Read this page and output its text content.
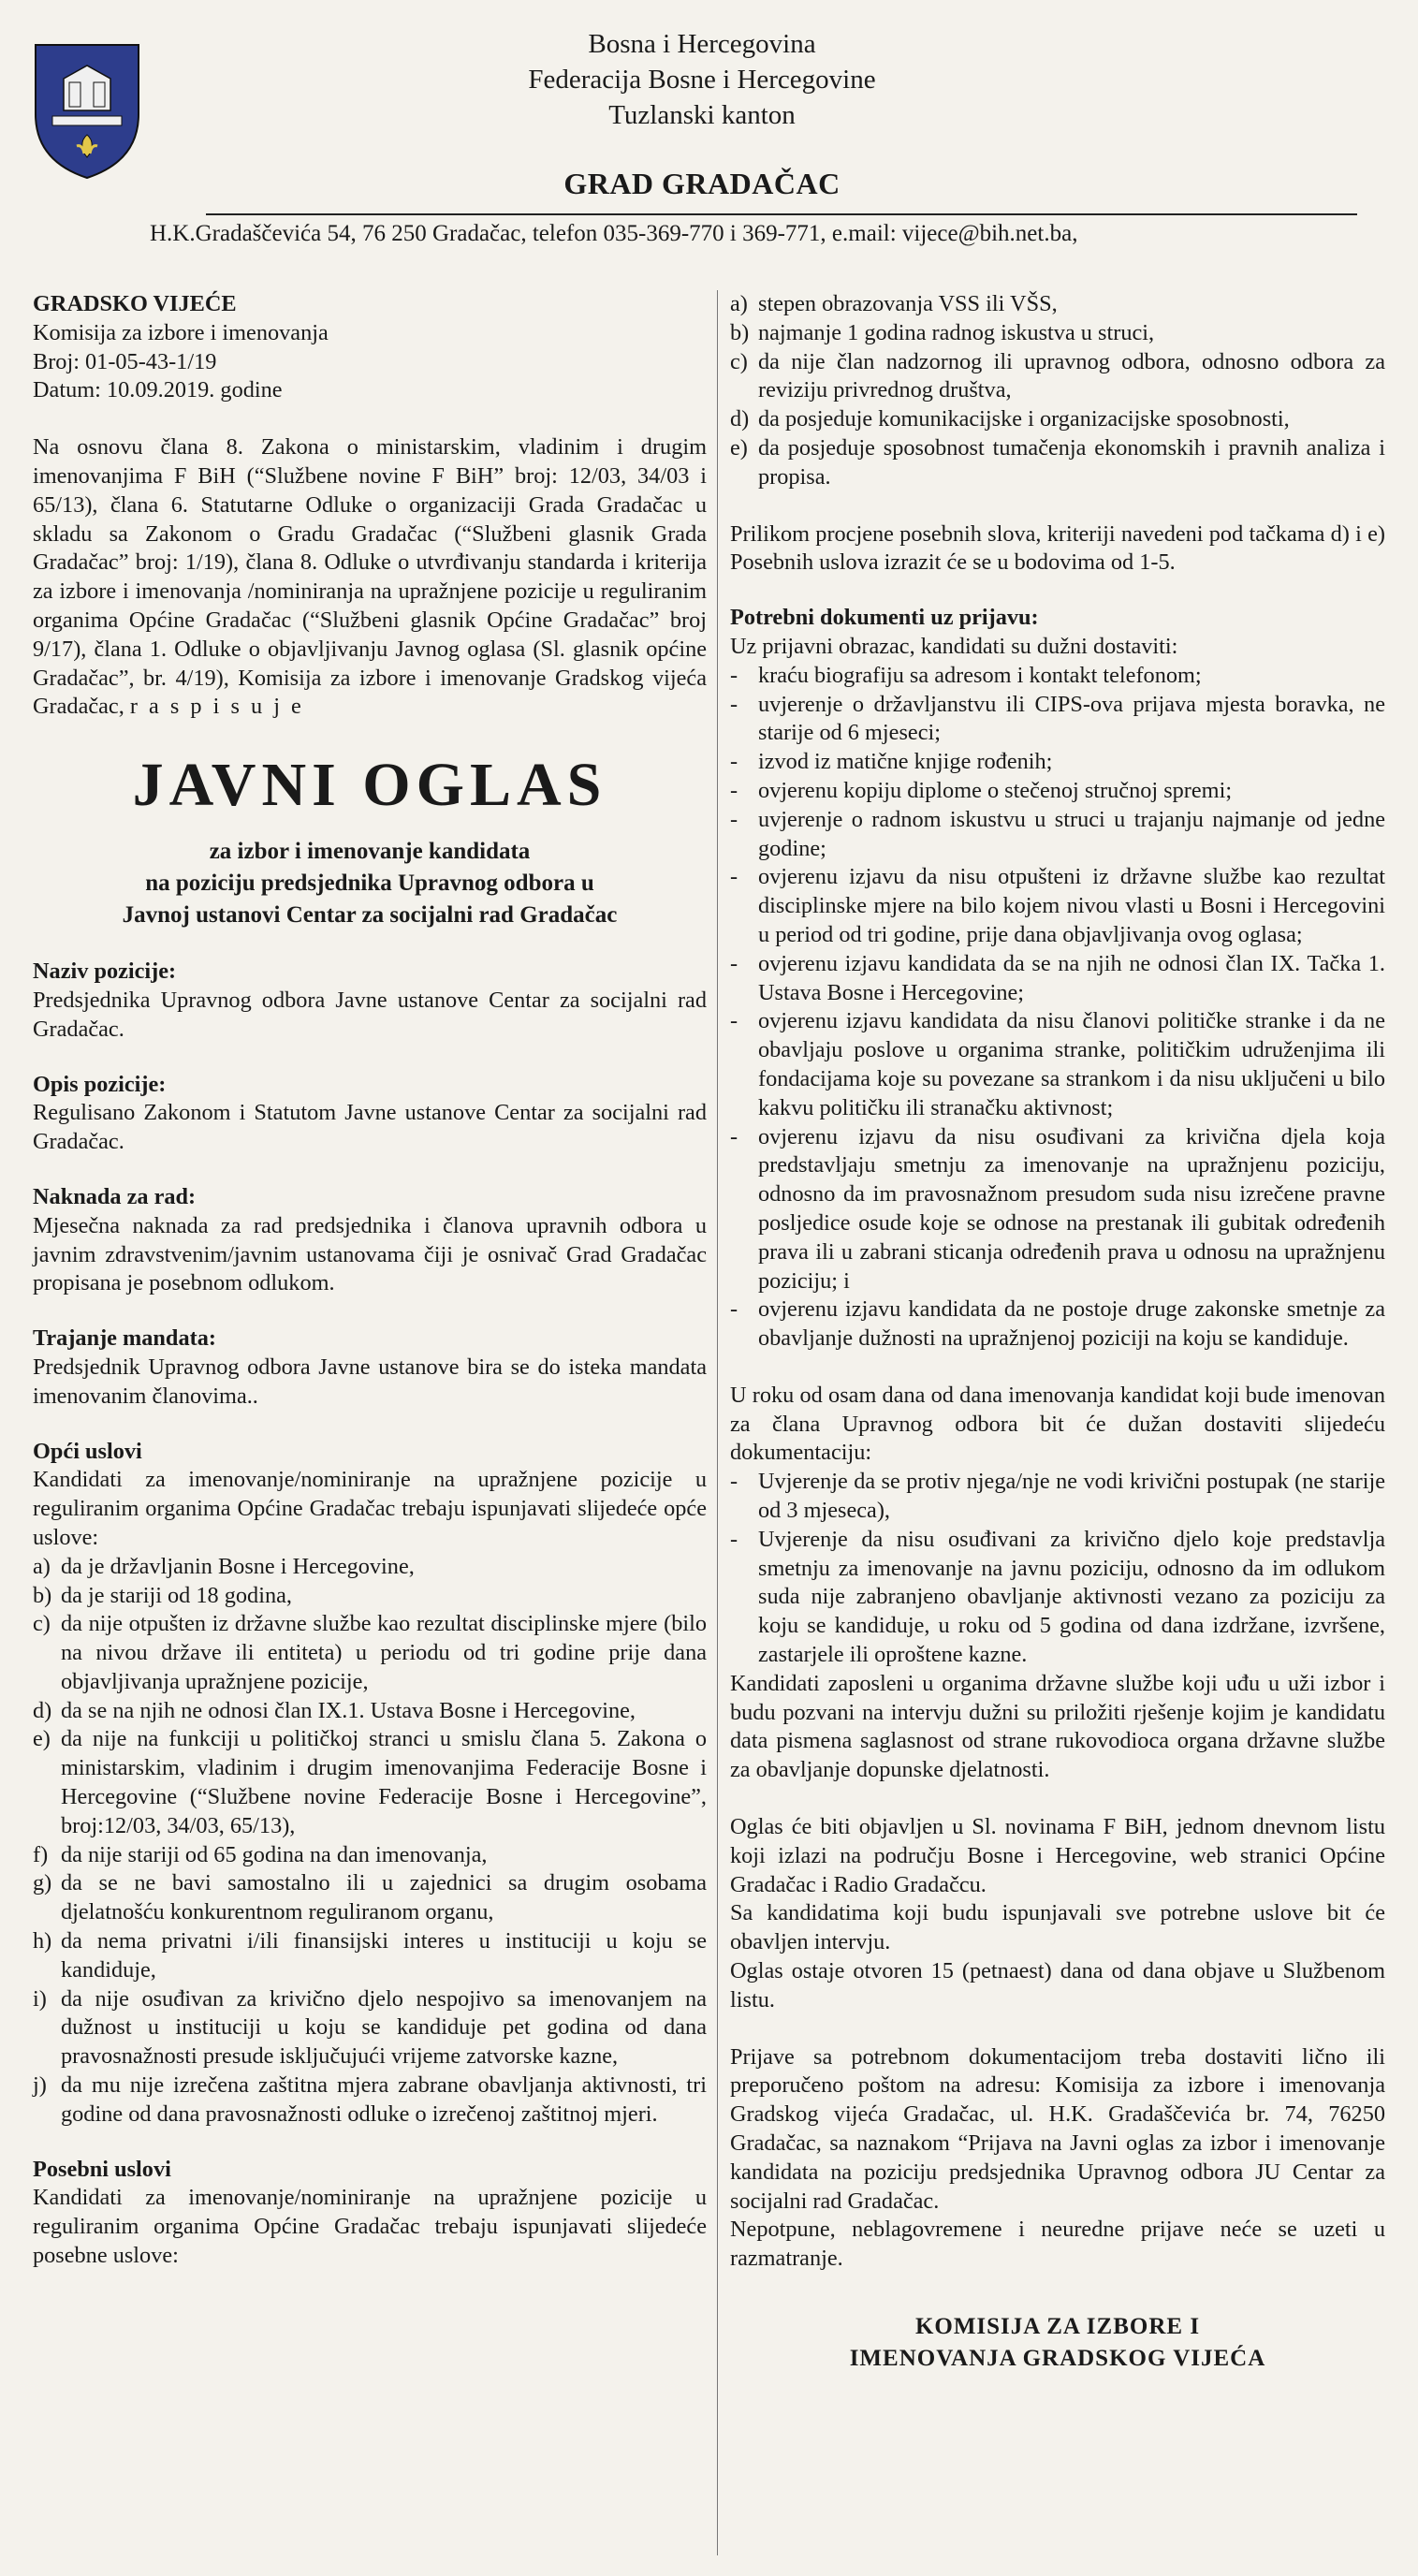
Bosna i Hercegovina
Federacija Bosne i Hercegovine
Tuzlanski kanton
GRAD GRADAČAC
H.K.Gradaščevića 54, 76 250 Gradačac, telefon 035-369-770 i 369-771, e.mail: vijece@bih.net.ba,

GRADSKO VIJEĆE

Komisija za izbore i imenovanja

Broj: 01-05-43-1/19

Datum: 10.09.2019. godine

Na osnovu člana 8. Zakona o ministarskim, vladinim i drugim imenovanjima F BiH (“Službene novine F BiH” broj: 12/03, 34/03 i 65/13), člana 6. Statutarne Odluke o organizaciji Grada Gradačac u skladu sa Zakonom o Gradu Gradačac (“Službeni glasnik Grada Gradačac” broj: 1/19), člana 8. Odluke o utvrđivanju standarda i kriterija za izbore i imenovanja /nominiranja na upražnjene pozicije u reguliranim organima Općine Gradačac (“Službeni glasnik Općine Gradačac” broj 9/17), člana 1. Odluke o objavljivanju Javnog oglasa (Sl. glasnik općine Gradačac”, br. 4/19), Komisija za izbore i imenovanje Gradskog vijeća Gradačac, r a s p i s u j e

JAVNI OGLAS
za izbor i imenovanje kandidata
na poziciju predsjednika Upravnog odbora u
Javnoj ustanovi Centar za socijalni rad Gradačac

Naziv pozicije:

Predsjednika Upravnog odbora Javne ustanove Centar za socijalni rad Gradačac.

Opis pozicije:

Regulisano Zakonom i Statutom Javne ustanove Centar za socijalni rad Gradačac.

Naknada za rad:

Mjesečna naknada za rad predsjednika i članova upravnih odbora u javnim zdravstvenim/javnim ustanovama čiji je osnivač Grad Gradačac propisana je posebnom odlukom.

Trajanje mandata:

Predsjednik Upravnog odbora Javne ustanove bira se do isteka mandata imenovanim članovima..

Opći uslovi

Kandidati za imenovanje/nominiranje na upražnjene pozicije u reguliranim organima Općine Gradačac trebaju ispunjavati slijedeće opće uslove:

a) da je državljanin Bosne i Hercegovine,
b) da je stariji od 18 godina,
c) da nije otpušten iz državne službe kao rezultat disciplinske mjere (bilo na nivou države ili entiteta) u periodu od tri godine prije dana objavljivanja upražnjene pozicije,
d) da se na njih ne odnosi član IX.1. Ustava Bosne i Hercegovine,
e) da nije na funkciji u političkoj stranci u smislu člana 5. Zakona o ministarskim, vladinim i drugim imenovanjima Federacije Bosne i Hercegovine (“Službene novine Federacije Bosne i Hercegovine”, broj:12/03, 34/03, 65/13),
f) da nije stariji od 65 godina na dan imenovanja,
g) da se ne bavi samostalno ili u zajednici sa drugim osobama djelatnošću konkurentnom reguliranom organu,
h) da nema privatni i/ili finansijski interes u instituciji u koju se kandiduje,
i) da nije osuđivan za krivično djelo nespojivo sa imenovanjem na dužnost u instituciji u koju se kandiduje pet godina od dana pravosnažnosti presude isključujući vrijeme zatvorske kazne,
j) da mu nije izrečena zaštitna mjera zabrane obavljanja aktivnosti, tri godine od dana pravosnažnosti odluke o izrečenoj zaštitnoj mjeri.

Posebni uslovi

Kandidati za imenovanje/nominiranje na upražnjene pozicije u reguliranim organima Općine Gradačac trebaju ispunjavati slijedeće posebne uslove:

a) stepen obrazovanja VSS ili VŠS,
b) najmanje 1 godina radnog iskustva u struci,
c) da nije član nadzornog ili upravnog odbora, odnosno odbora za reviziju privrednog društva,
d) da posjeduje komunikacijske i organizacijske sposobnosti,
e) da posjeduje sposobnost tumačenja ekonomskih i pravnih analiza i propisa.

Prilikom procjene posebnih slova, kriteriji navedeni pod tačkama d) i e) Posebnih uslova izrazit će se u bodovima od 1-5.

Potrebni dokumenti uz prijavu:

Uz prijavni obrazac, kandidati su dužni dostaviti:

- kraću biografiju sa adresom i kontakt telefonom;
- uvjerenje o državljanstvu ili CIPS-ova prijava mjesta boravka, ne starije od 6 mjeseci;
- izvod iz matične knjige rođenih;
- ovjerenu kopiju diplome o stečenoj stručnoj spremi;
- uvjerenje o radnom iskustvu u struci u trajanju najmanje od jedne godine;
- ovjerenu izjavu da nisu otpušteni iz državne službe kao rezultat disciplinske mjere na bilo kojem nivou vlasti u Bosni i Hercegovini u period od tri godine, prije dana objavljivanja ovog oglasa;
- ovjerenu izjavu kandidata da se na njih ne odnosi član IX. Tačka 1. Ustava Bosne i Hercegovine;
- ovjerenu izjavu kandidata da nisu članovi političke stranke i da ne obavljaju poslove u organima stranke, političkim udruženjima ili fondacijama koje su povezane sa strankom i da nisu uključeni u bilo kakvu političku ili stranačku aktivnost;
- ovjerenu izjavu da nisu osuđivani za krivična djela koja predstavljaju smetnju za imenovanje na upražnjenu poziciju, odnosno da im pravosnažnom presudom suda nisu izrečene pravne posljedice osude koje se odnose na prestanak ili gubitak određenih prava ili u zabrani sticanja određenih prava u odnosu na upražnjenu poziciju; i
- ovjerenu izjavu kandidata da ne postoje druge zakonske smetnje za obavljanje dužnosti na upražnjenoj poziciji na koju se kandiduje.

U roku od osam dana od dana imenovanja kandidat koji bude imenovan za člana Upravnog odbora bit će dužan dostaviti slijedeću dokumentaciju:

- Uvjerenje da se protiv njega/nje ne vodi krivični postupak (ne starije od 3 mjeseca),
- Uvjerenje da nisu osuđivani za krivično djelo koje predstavlja smetnju za imenovanje na javnu poziciju, odnosno da im odlukom suda nije zabranjeno obavljanje aktivnosti vezano za poziciju za koju se kandiduje, u roku od 5 godina od dana izdržane, izvršene, zastarjele ili oproštene kazne.

Kandidati zaposleni u organima državne službe koji uđu u uži izbor i budu pozvani na intervju dužni su priložiti rješenje kojim je kandidatu data pismena saglasnost od strane rukovodioca organa državne službe za obavljanje dopunske djelatnosti.

Oglas će biti objavljen u Sl. novinama F BiH, jednom dnevnom listu koji izlazi na području Bosne i Hercegovine, web stranici Općine Gradačac i Radio Gradačcu.

Sa kandidatima koji budu ispunjavali sve potrebne uslove bit će obavljen intervju.

Oglas ostaje otvoren 15 (petnaest) dana od dana objave u Službenom listu.

Prijave sa potrebnom dokumentacijom treba dostaviti lično ili preporučeno poštom na adresu: Komisija za izbore i imenovanja Gradskog vijeća Gradačac, ul. H.K. Gradaščevića br. 74, 76250 Gradačac, sa naznakom “Prijava na Javni oglas za izbor i imenovanje kandidata na poziciju predsjednika Upravnog odbora JU Centar za socijalni rad Gradačac.

Nepotpune, neblagovremene i neuredne prijave neće se uzeti u razmatranje.

KOMISIJA ZA IZBORE I
IMENOVANJA GRADSKOG VIJEĆA
